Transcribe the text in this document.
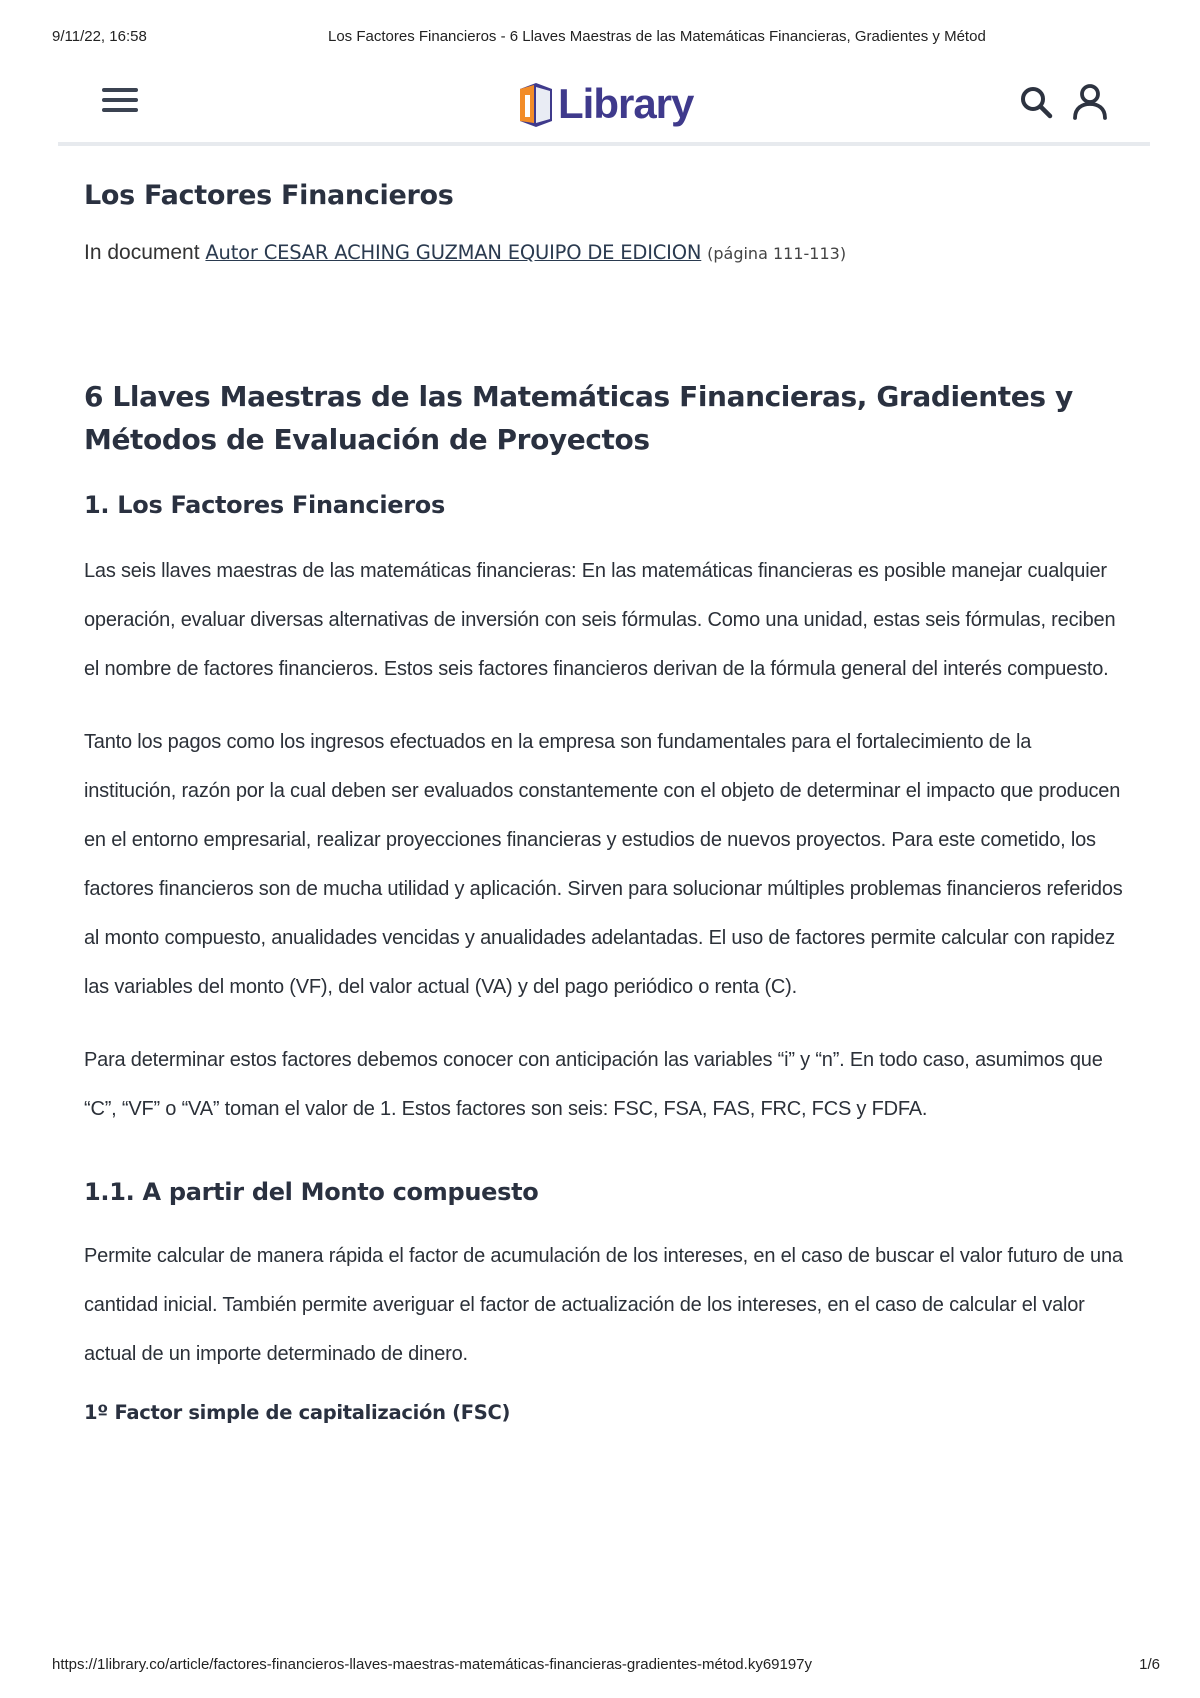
9/11/22, 16:58	Los Factores Financieros - 6 Llaves Maestras de las Matemáticas Financieras, Gradientes y Métod
Library
Los Factores Financieros
In document Autor CESAR ACHING GUZMAN EQUIPO DE EDICION (página 111-113)
6 Llaves Maestras de las Matemáticas Financieras, Gradientes y Métodos de Evaluación de Proyectos
1. Los Factores Financieros

Las seis llaves maestras de las matemáticas financieras: En las matemáticas financieras es posible manejar cualquier operación, evaluar diversas alternativas de inversión con seis fórmulas. Como una unidad, estas seis fórmulas, reciben el nombre de factores financieros. Estos seis factores financieros derivan de la fórmula general del interés compuesto.

Tanto los pagos como los ingresos efectuados en la empresa son fundamentales para el fortalecimiento de la institución, razón por la cual deben ser evaluados constantemente con el objeto de determinar el impacto que producen en el entorno empresarial, realizar proyecciones financieras y estudios de nuevos proyectos. Para este cometido, los factores financieros son de mucha utilidad y aplicación. Sirven para solucionar múltiples problemas financieros referidos al monto compuesto, anualidades vencidas y anualidades adelantadas. El uso de factores permite calcular con rapidez las variables del monto (VF), del valor actual (VA) y del pago periódico o renta (C).

Para determinar estos factores debemos conocer con anticipación las variables “i” y “n”. En todo caso, asumimos que “C”, “VF” o “VA” toman el valor de 1. Estos factores son seis: FSC, FSA, FAS, FRC, FCS y FDFA.

1.1. A partir del Monto compuesto

Permite calcular de manera rápida el factor de acumulación de los intereses, en el caso de buscar el valor futuro de una cantidad inicial. También permite averiguar el factor de actualización de los intereses, en el caso de calcular el valor actual de un importe determinado de dinero.

1º Factor simple de capitalización (FSC)
https://1library.co/article/factores-financieros-llaves-maestras-matemáticas-financieras-gradientes-métod.ky69197y	1/6
